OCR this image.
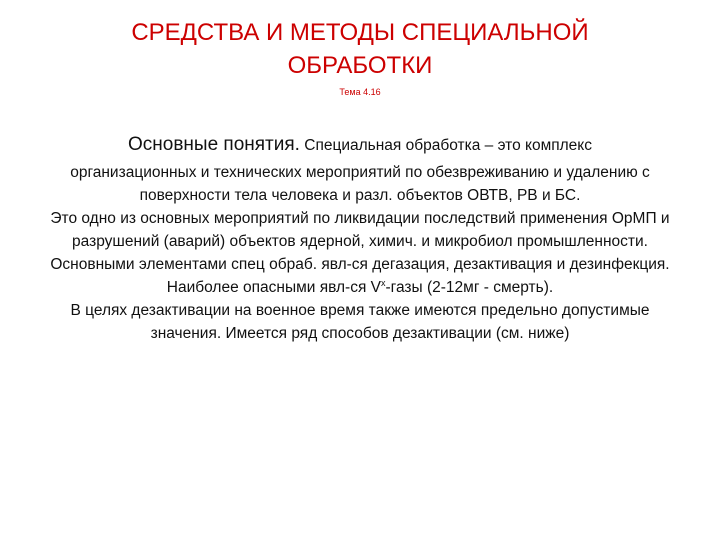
СРЕДСТВА И МЕТОДЫ СПЕЦИАЛЬНОЙ
ОБРАБОТКИ
Тема 4.16

Основные понятия. Специальная обработка – это комплекс

организационных и технических мероприятий по обезвреживанию и удалению с поверхности тела человека и разл. объектов ОВТВ, РВ и БС.

Это одно из основных мероприятий по ликвидации последствий применения ОрМП и разрушений (аварий) объектов ядерной, химич. и микробиол промышленности.

Основными элементами спец обраб. явл-ся дегазация, дезактивация и дезинфекция.

Наиболее опасными явл-ся $V^x$-газы (2-12мг - смерть).

В целях дезактивации на военное время также имеются предельно допустимые значения. Имеется ряд способов дезактивации (см. ниже)
